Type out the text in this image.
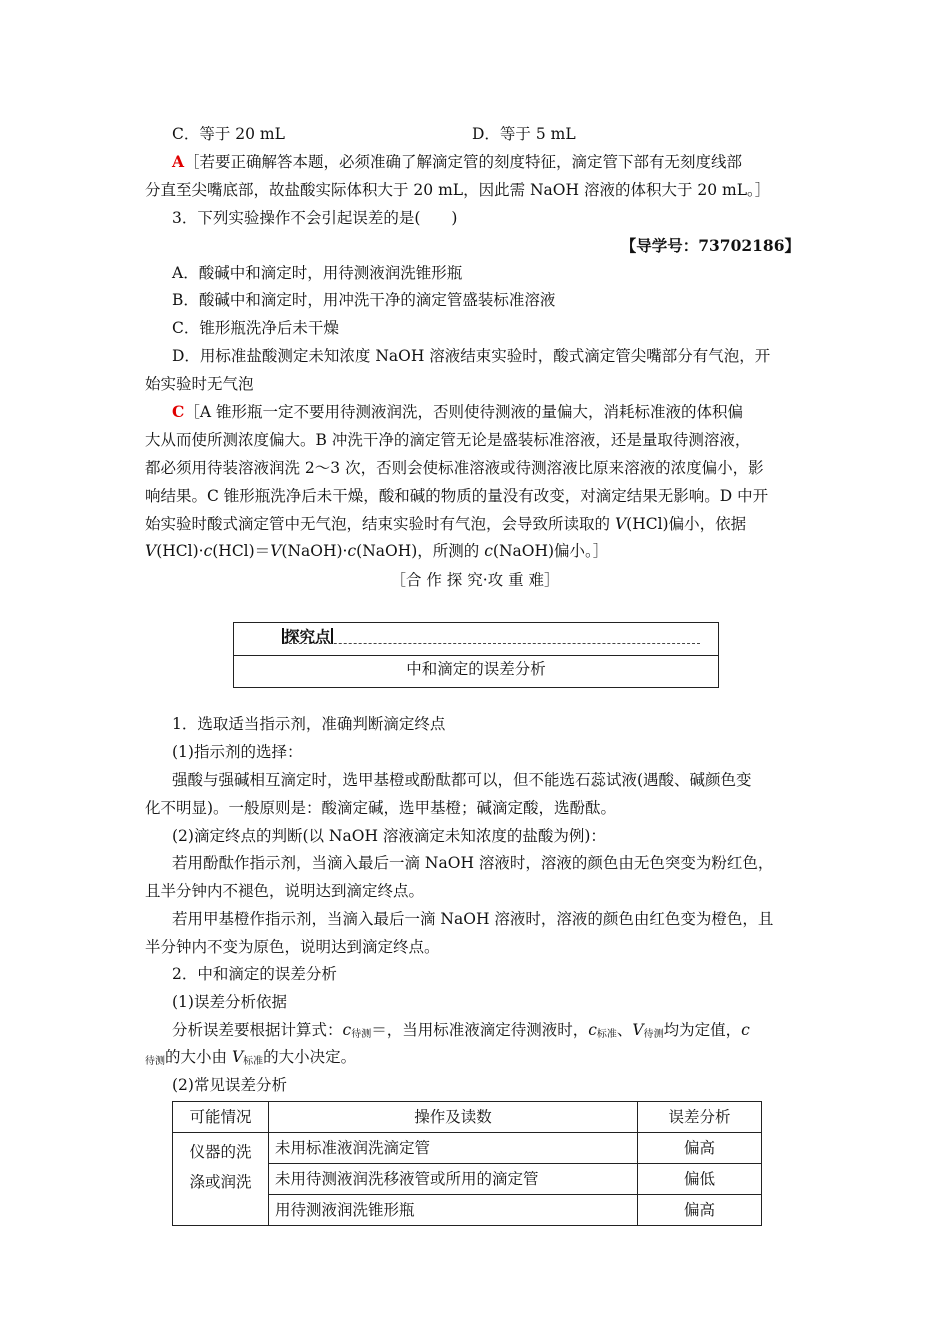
C．等于 20 mL	D．等于 5 mL
A［若要正确解答本题，必须准确了解滴定管的刻度特征，滴定管下部有无刻度线部
分直至尖嘴底部，故盐酸实际体积大于 20 mL，因此需 NaOH 溶液的体积大于 20 mL。］
3．下列实验操作不会引起误差的是(　　)
【导学号：73702186】
A．酸碱中和滴定时，用待测液润洗锥形瓶
B．酸碱中和滴定时，用冲洗干净的滴定管盛装标准溶液
C．锥形瓶洗净后未干燥
D．用标准盐酸测定未知浓度 NaOH 溶液结束实验时，酸式滴定管尖嘴部分有气泡，开
始实验时无气泡
C［A 锥形瓶一定不要用待测液润洗，否则使待测液的量偏大，消耗标准液的体积偏
大从而使所测浓度偏大。B 冲洗干净的滴定管无论是盛装标准溶液，还是量取待测溶液，
都必须用待装溶液润洗 2～3 次，否则会使标准溶液或待测溶液比原来溶液的浓度偏小，影
响结果。C 锥形瓶洗净后未干燥，酸和碱的物质的量没有改变，对滴定结果无影响。D 中开
始实验时酸式滴定管中无气泡，结束实验时有气泡，会导致所读取的 V(HCl)偏小，依据
V(HCl)·c(HCl)＝V(NaOH)·c(NaOH)，所测的 c(NaOH)偏小。］
［合 作 探 究·攻 重 难］
探究点
中和滴定的误差分析
1．选取适当指示剂，准确判断滴定终点
(1)指示剂的选择：
强酸与强碱相互滴定时，选甲基橙或酚酞都可以，但不能选石蕊试液(遇酸、碱颜色变
化不明显)。一般原则是：酸滴定碱，选甲基橙；碱滴定酸，选酚酞。
(2)滴定终点的判断(以 NaOH 溶液滴定未知浓度的盐酸为例)：
若用酚酞作指示剂，当滴入最后一滴 NaOH 溶液时，溶液的颜色由无色突变为粉红色，
且半分钟内不褪色，说明达到滴定终点。
若用甲基橙作指示剂，当滴入最后一滴 NaOH 溶液时，溶液的颜色由红色变为橙色，且
半分钟内不变为原色，说明达到滴定终点。
2．中和滴定的误差分析
(1)误差分析依据
分析误差要根据计算式：$c_{待测}=$，当用标准液滴定待测液时，$c_{标准}$、$V_{待测}$均为定值，c
$_{待测}$的大小由 $V_{标准}$的大小决定。
(2)常见误差分析
可能情况	操作及读数	误差分析

仪器的洗
涤或润洗	未用标准液润洗滴定管	偏高
	未用待测液润洗移液管或所用的滴定管	偏低
	用待测液润洗锥形瓶	偏高
